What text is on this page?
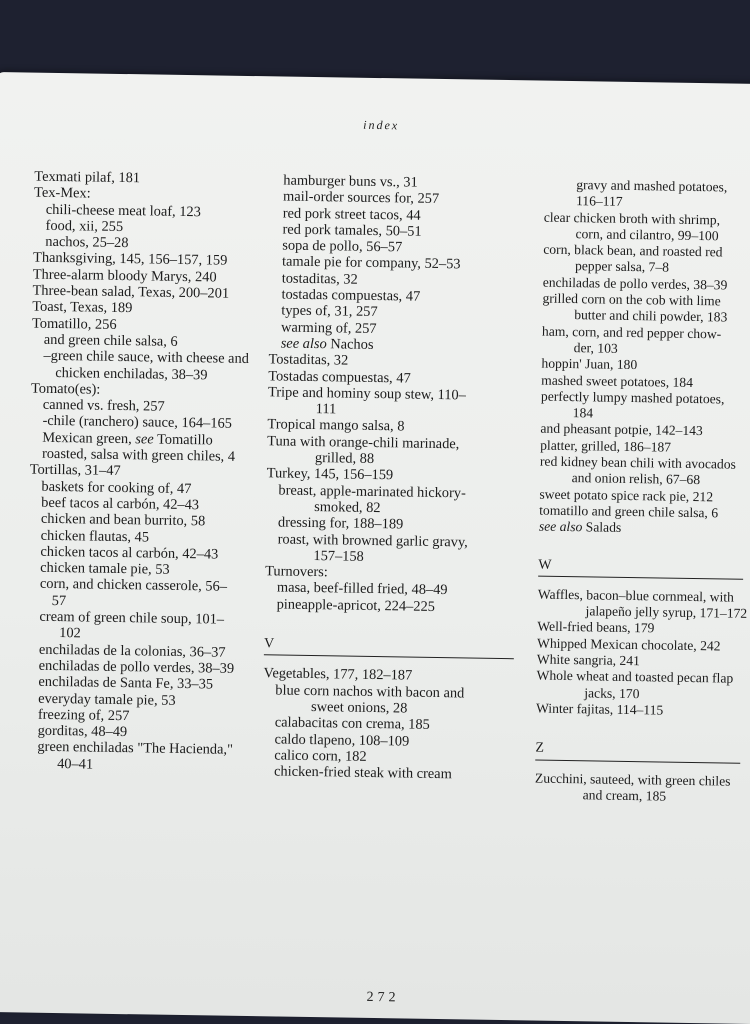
index
Texmati pilaf, 181
Tex-Mex:
chili-cheese meat loaf, 123
food, xii, 255
nachos, 25–28
Thanksgiving, 145, 156–157, 159
Three-alarm bloody Marys, 240
Three-bean salad, Texas, 200–201
Toast, Texas, 189
Tomatillo, 256
and green chile salsa, 6
–green chile sauce, with cheese and
chicken enchiladas, 38–39
Tomato(es):
canned vs. fresh, 257
-chile (ranchero) sauce, 164–165
Mexican green, see Tomatillo
roasted, salsa with green chiles, 4
Tortillas, 31–47
baskets for cooking of, 47
beef tacos al carbón, 42–43
chicken and bean burrito, 58
chicken flautas, 45
chicken tacos al carbón, 42–43
chicken tamale pie, 53
corn, and chicken casserole, 56–
57
cream of green chile soup, 101–
102
enchiladas de la colonias, 36–37
enchiladas de pollo verdes, 38–39
enchiladas de Santa Fe, 33–35
everyday tamale pie, 53
freezing of, 257
gorditas, 48–49
green enchiladas "The Hacienda,"
40–41
hamburger buns vs., 31
mail-order sources for, 257
red pork street tacos, 44
red pork tamales, 50–51
sopa de pollo, 56–57
tamale pie for company, 52–53
tostaditas, 32
tostadas compuestas, 47
types of, 31, 257
warming of, 257
see also Nachos
Tostaditas, 32
Tostadas compuestas, 47
Tripe and hominy soup stew, 110–
111
Tropical mango salsa, 8
Tuna with orange-chili marinade,
grilled, 88
Turkey, 145, 156–159
breast, apple-marinated hickory-
smoked, 82
dressing for, 188–189
roast, with browned garlic gravy,
157–158
Turnovers:
masa, beef-filled fried, 48–49
pineapple-apricot, 224–225
V
Vegetables, 177, 182–187
blue corn nachos with bacon and
sweet onions, 28
calabacitas con crema, 185
caldo tlapeno, 108–109
calico corn, 182
chicken-fried steak with cream
gravy and mashed potatoes,
116–117
clear chicken broth with shrimp,
corn, and cilantro, 99–100
corn, black bean, and roasted red
pepper salsa, 7–8
enchiladas de pollo verdes, 38–39
grilled corn on the cob with lime
butter and chili powder, 183
ham, corn, and red pepper chow-
der, 103
hoppin' Juan, 180
mashed sweet potatoes, 184
perfectly lumpy mashed potatoes,
184
and pheasant potpie, 142–143
platter, grilled, 186–187
red kidney bean chili with avocados
and onion relish, 67–68
sweet potato spice rack pie, 212
tomatillo and green chile salsa, 6
see also Salads
W
Waffles, bacon–blue cornmeal, with
jalapeño jelly syrup, 171–172
Well-fried beans, 179
Whipped Mexican chocolate, 242
White sangria, 241
Whole wheat and toasted pecan flap
jacks, 170
Winter fajitas, 114–115
Z
Zucchini, sauteed, with green chiles
and cream, 185
272
